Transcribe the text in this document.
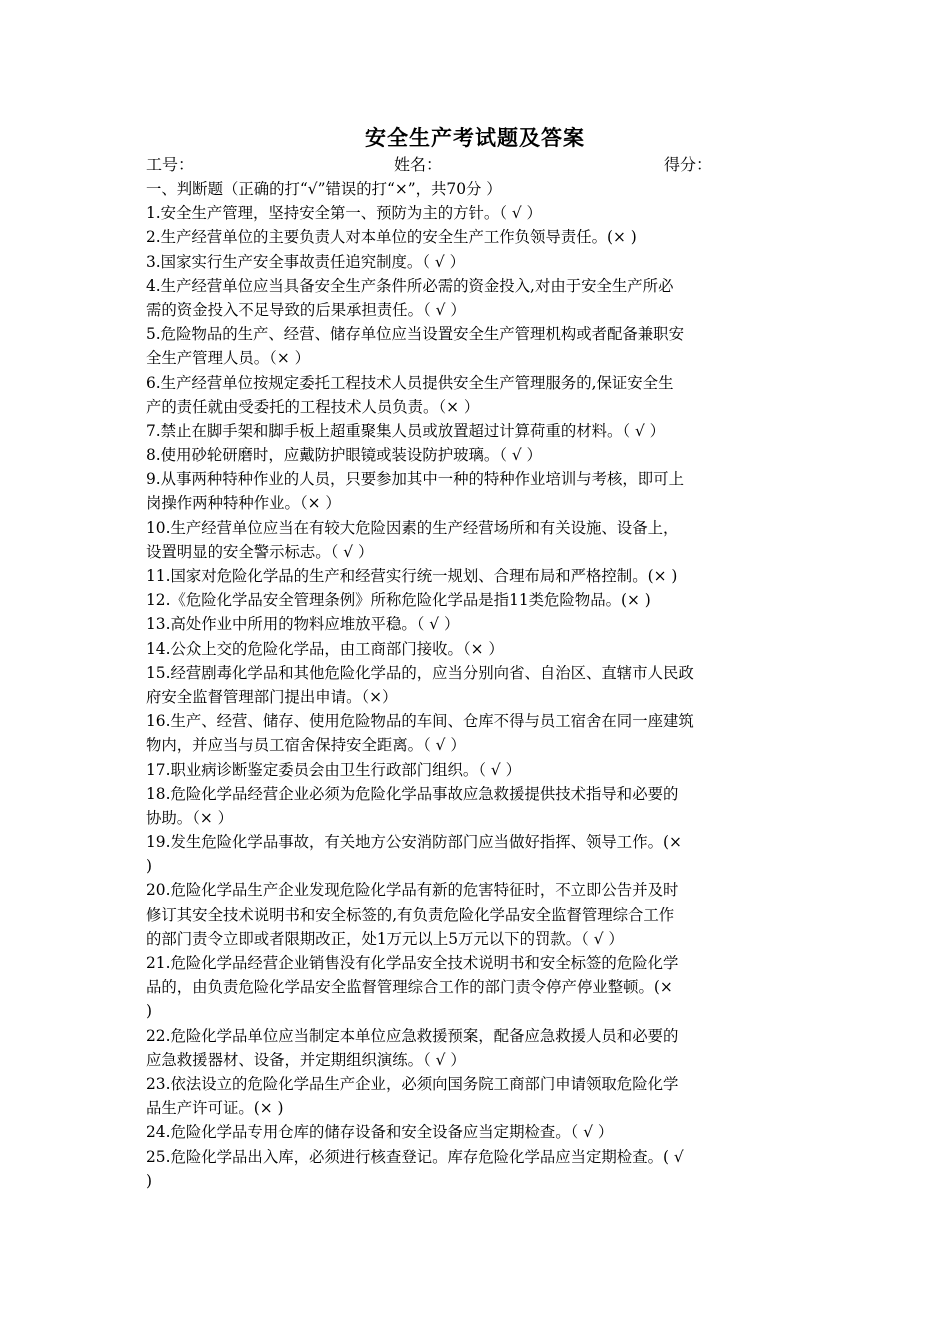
安全生产考试题及答案
工号：	姓名：	得分：
一、判断题（正确的打“√”错误的打“×”，共70分 ）
1.安全生产管理，坚持安全第一、预防为主的方针。（ √ ）
2.生产经营单位的主要负责人对本单位的安全生产工作负领导责任。(× )
3.国家实行生产安全事故责任追究制度。（ √ ）
4.生产经营单位应当具备安全生产条件所必需的资金投入,对由于安全生产所必
需的资金投入不足导致的后果承担责任。（ √ ）
5.危险物品的生产、经营、储存单位应当设置安全生产管理机构或者配备兼职安
全生产管理人员。（× ）
6.生产经营单位按规定委托工程技术人员提供安全生产管理服务的,保证安全生
产的责任就由受委托的工程技术人员负责。（× ）
7.禁止在脚手架和脚手板上超重聚集人员或放置超过计算荷重的材料。（ √ ）
8.使用砂轮研磨时，应戴防护眼镜或装设防护玻璃。（ √ ）
9.从事两种特种作业的人员，只要参加其中一种的特种作业培训与考核，即可上
岗操作两种特种作业。（× ）
10.生产经营单位应当在有较大危险因素的生产经营场所和有关设施、设备上，
设置明显的安全警示标志。（ √ ）
11.国家对危险化学品的生产和经营实行统一规划、合理布局和严格控制。(× )
12.《危险化学品安全管理条例》所称危险化学品是指11类危险物品。(× )
13.高处作业中所用的物料应堆放平稳。（ √ ）
14.公众上交的危险化学品，由工商部门接收。（× ）
15.经营剧毒化学品和其他危险化学品的，应当分别向省、自治区、直辖市人民政
府安全监督管理部门提出申请。（×）
16.生产、经营、储存、使用危险物品的车间、仓库不得与员工宿舍在同一座建筑
物内，并应当与员工宿舍保持安全距离。（ √ ）
17.职业病诊断鉴定委员会由卫生行政部门组织。（ √ ）
18.危险化学品经营企业必须为危险化学品事故应急救援提供技术指导和必要的
协助。（× ）
19.发生危险化学品事故，有关地方公安消防部门应当做好指挥、领导工作。(×
)
20.危险化学品生产企业发现危险化学品有新的危害特征时，不立即公告并及时
修订其安全技术说明书和安全标签的,有负责危险化学品安全监督管理综合工作
的部门责令立即或者限期改正，处1万元以上5万元以下的罚款。（ √ ）
21.危险化学品经营企业销售没有化学品安全技术说明书和安全标签的危险化学
品的，由负责危险化学品安全监督管理综合工作的部门责令停产停业整顿。(×
)
22.危险化学品单位应当制定本单位应急救援预案，配备应急救援人员和必要的
应急救援器材、设备，并定期组织演练。（ √ ）
23.依法设立的危险化学品生产企业，必须向国务院工商部门申请领取危险化学
品生产许可证。(× )
24.危险化学品专用仓库的储存设备和安全设备应当定期检查。（ √ ）
25.危险化学品出入库，必须进行核查登记。库存危险化学品应当定期检查。( √
)
